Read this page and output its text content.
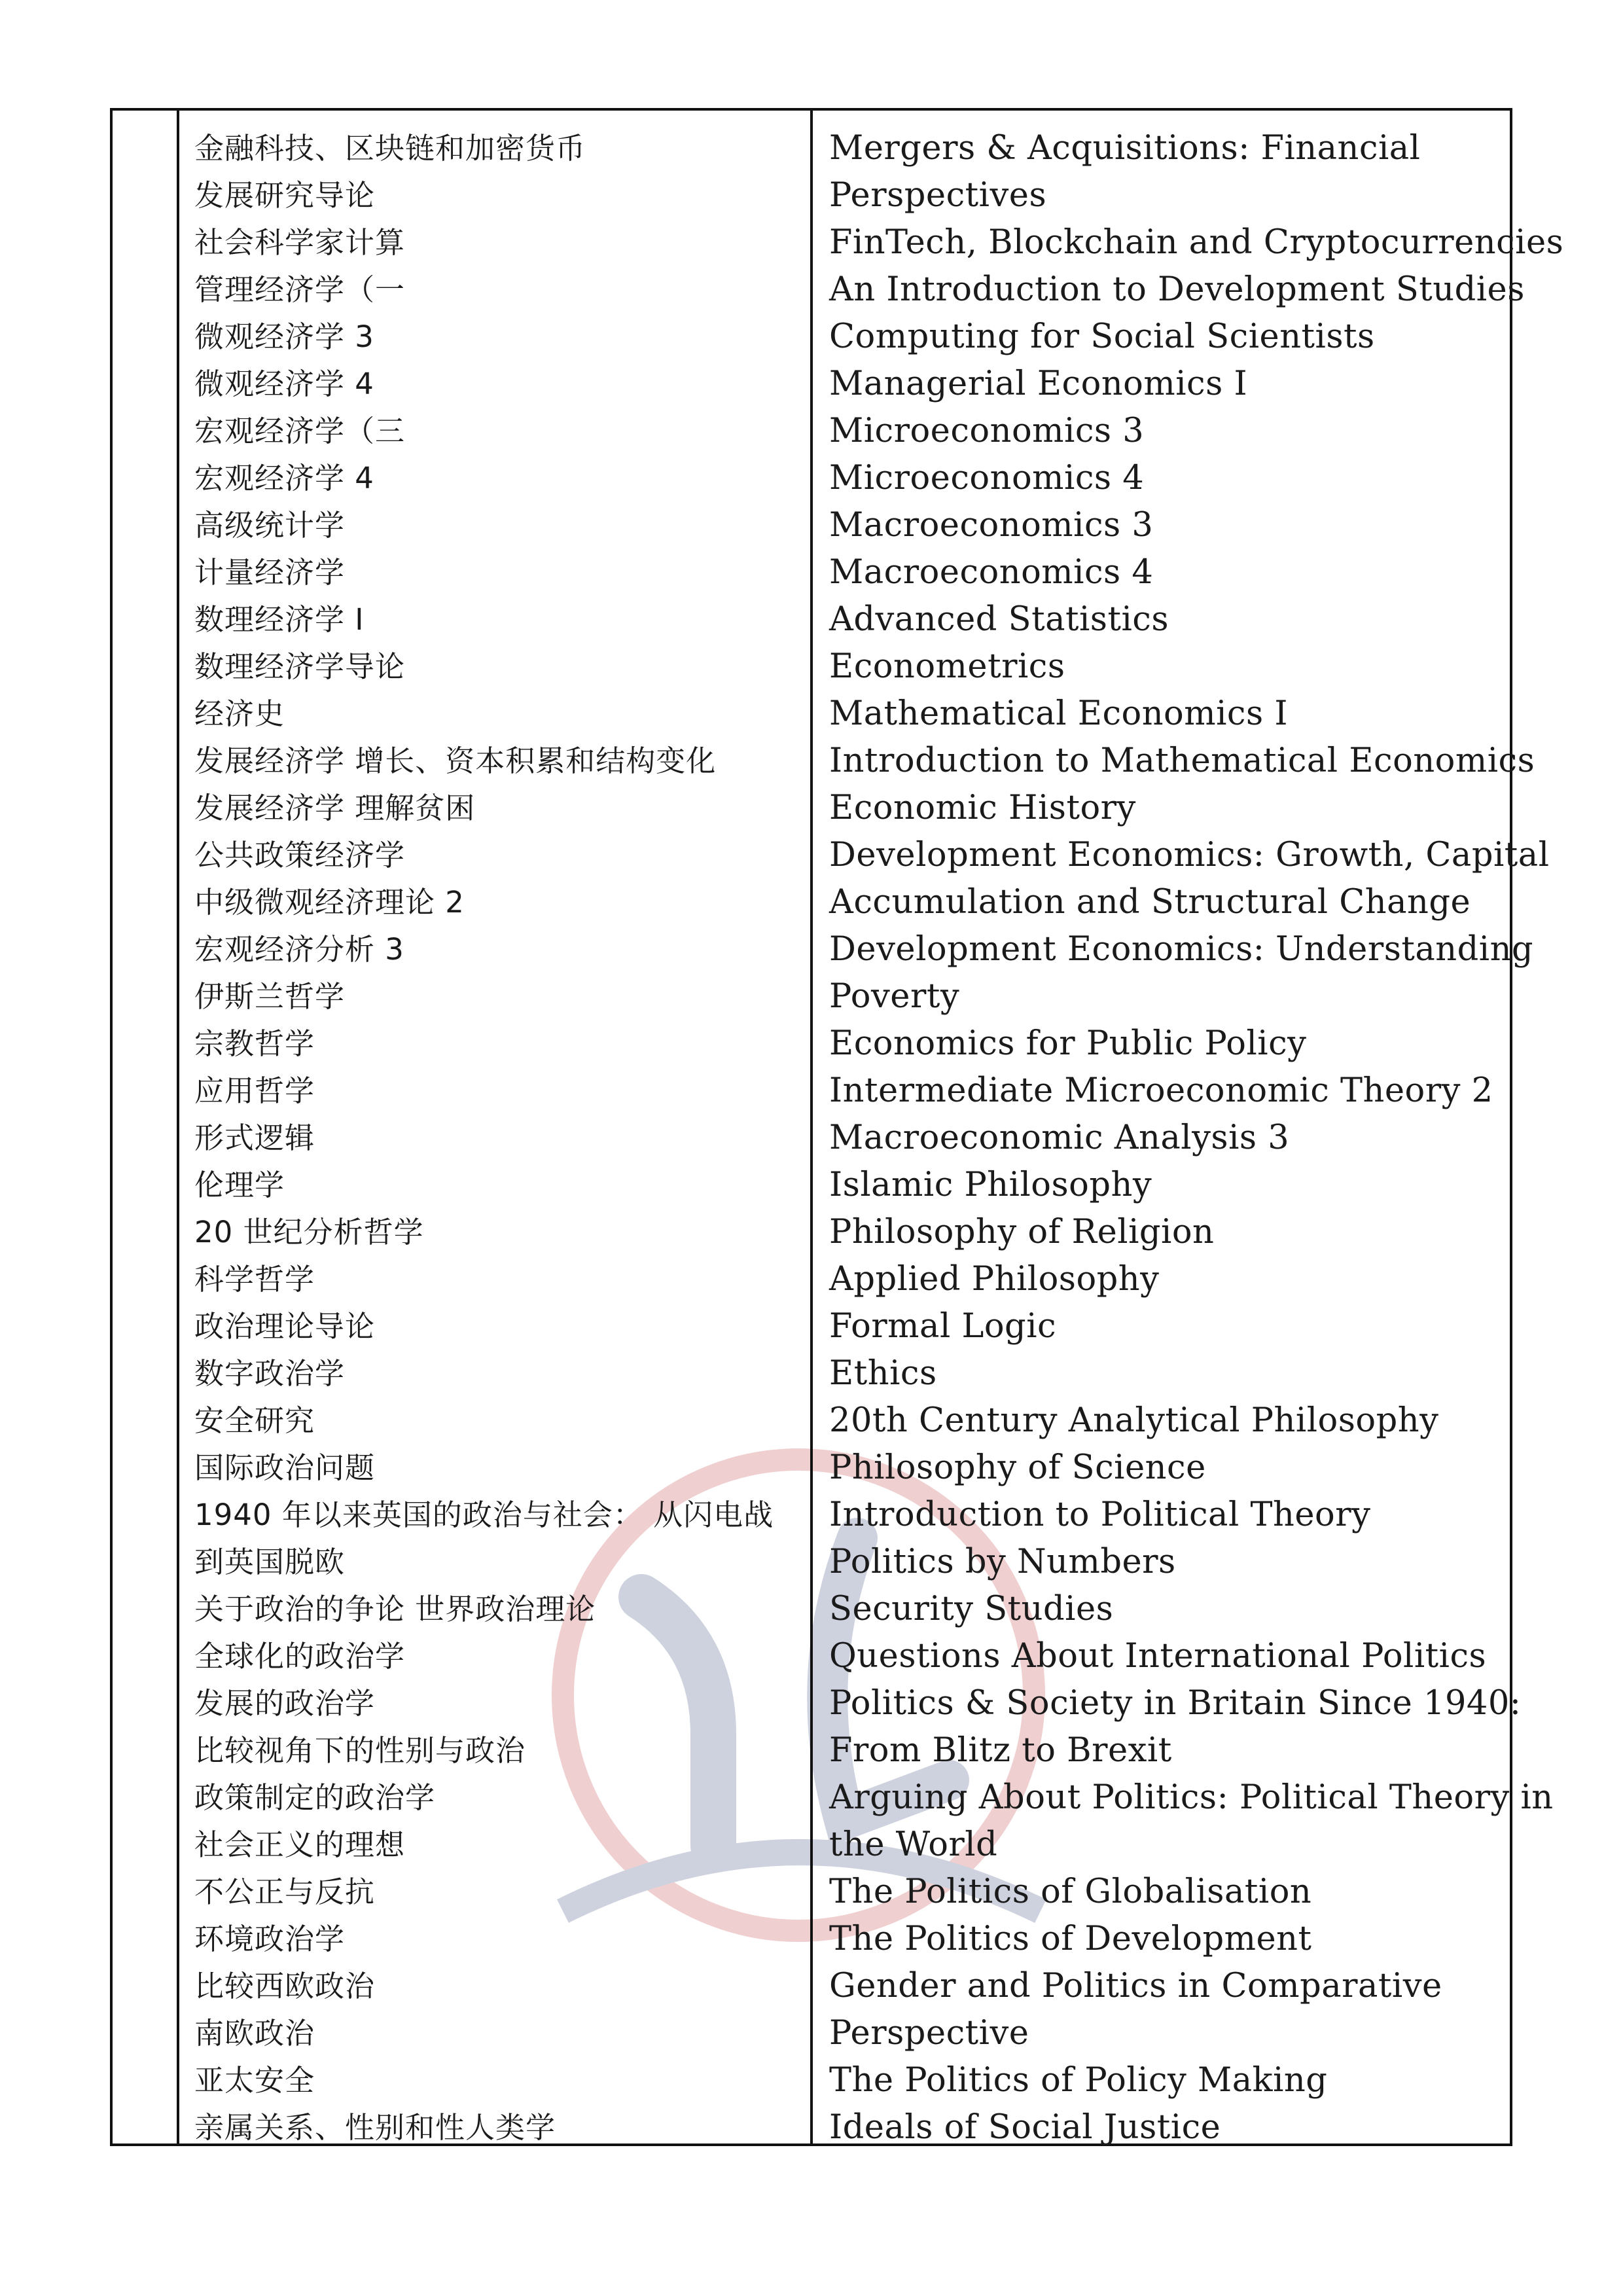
金融科技、区块链和加密货币
发展研究导论
社会科学家计算
管理经济学（一
微观经济学 3
微观经济学 4
宏观经济学（三
宏观经济学 4
高级统计学
计量经济学
数理经济学 I
数理经济学导论
经济史
发展经济学 增长、资本积累和结构变化
发展经济学 理解贫困
公共政策经济学
中级微观经济理论 2
宏观经济分析 3
伊斯兰哲学
宗教哲学
应用哲学
形式逻辑
伦理学
20 世纪分析哲学
科学哲学
政治理论导论
数字政治学
安全研究
国际政治问题
1940 年以来英国的政治与社会： 从闪电战
到英国脱欧
关于政治的争论 世界政治理论
全球化的政治学
发展的政治学
比较视角下的性别与政治
政策制定的政治学
社会正义的理想
不公正与反抗
环境政治学
比较西欧政治
南欧政治
亚太安全
亲属关系、性别和性人类学
Mergers & Acquisitions: Financial
Perspectives
FinTech, Blockchain and Cryptocurrencies
An Introduction to Development Studies
Computing for Social Scientists
Managerial Economics I
Microeconomics 3
Microeconomics 4
Macroeconomics 3
Macroeconomics 4
Advanced Statistics
Econometrics
Mathematical Economics I
Introduction to Mathematical Economics
Economic History
Development Economics: Growth, Capital
Accumulation and Structural Change
Development Economics: Understanding
Poverty
Economics for Public Policy
Intermediate Microeconomic Theory 2
Macroeconomic Analysis 3
Islamic Philosophy
Philosophy of Religion
Applied Philosophy
Formal Logic
Ethics
20th Century Analytical Philosophy
Philosophy of Science
Introduction to Political Theory
Politics by Numbers
Security Studies
Questions About International Politics
Politics & Society in Britain Since 1940:
From Blitz to Brexit
Arguing About Politics: Political Theory in
the World
The Politics of Globalisation
The Politics of Development
Gender and Politics in Comparative
Perspective
The Politics of Policy Making
Ideals of Social Justice
